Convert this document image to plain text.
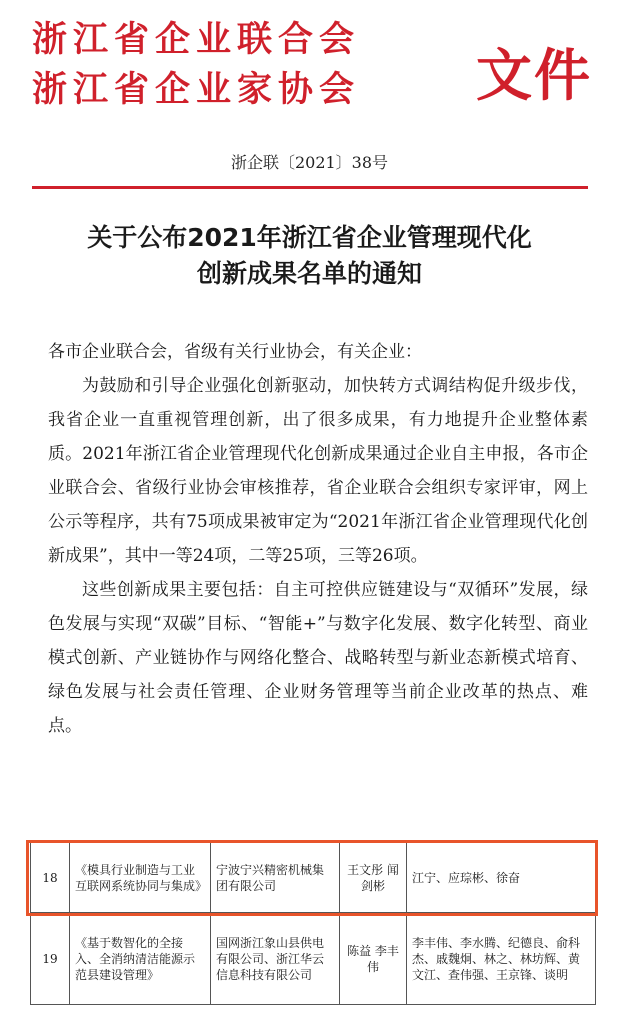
浙江省企业联合会
浙江省企业家协会 文件
浙企联〔2021〕38号
关于公布2021年浙江省企业管理现代化
创新成果名单的通知

各市企业联合会，省级有关行业协会，有关企业：

为鼓励和引导企业强化创新驱动，加快转方式调结构促升级步伐，我省企业一直重视管理创新，出了很多成果，有力地提升企业整体素质。2021年浙江省企业管理现代化创新成果通过企业自主申报，各市企业联合会、省级行业协会审核推荐，省企业联合会组织专家评审，网上公示等程序，共有75项成果被审定为“2021年浙江省企业管理现代化创新成果”，其中一等24项，二等25项，三等26项。

这些创新成果主要包括：自主可控供应链建设与“双循环”发展，绿色发展与实现“双碳”目标、“智能+”与数字化发展、数字化转型、商业模式创新、产业链协作与网络化整合、战略转型与新业态新模式培育、绿色发展与社会责任管理、企业财务管理等当前企业改革的热点、难点。

18	《模具行业制造与工业互联网系统协同与集成》	宁波宁兴精密机械集团有限公司	王文彤 闻剑彬	江宁、应琮彬、徐奋
19	《基于数智化的全接入、全消纳清洁能源示范县建设管理》	国网浙江象山县供电有限公司、浙江华云信息科技有限公司	陈益 李丰伟	李丰伟、李水腾、纪德良、俞科杰、戚魏炯、林之、林坊辉、黄文江、查伟强、王京锋、谈明
